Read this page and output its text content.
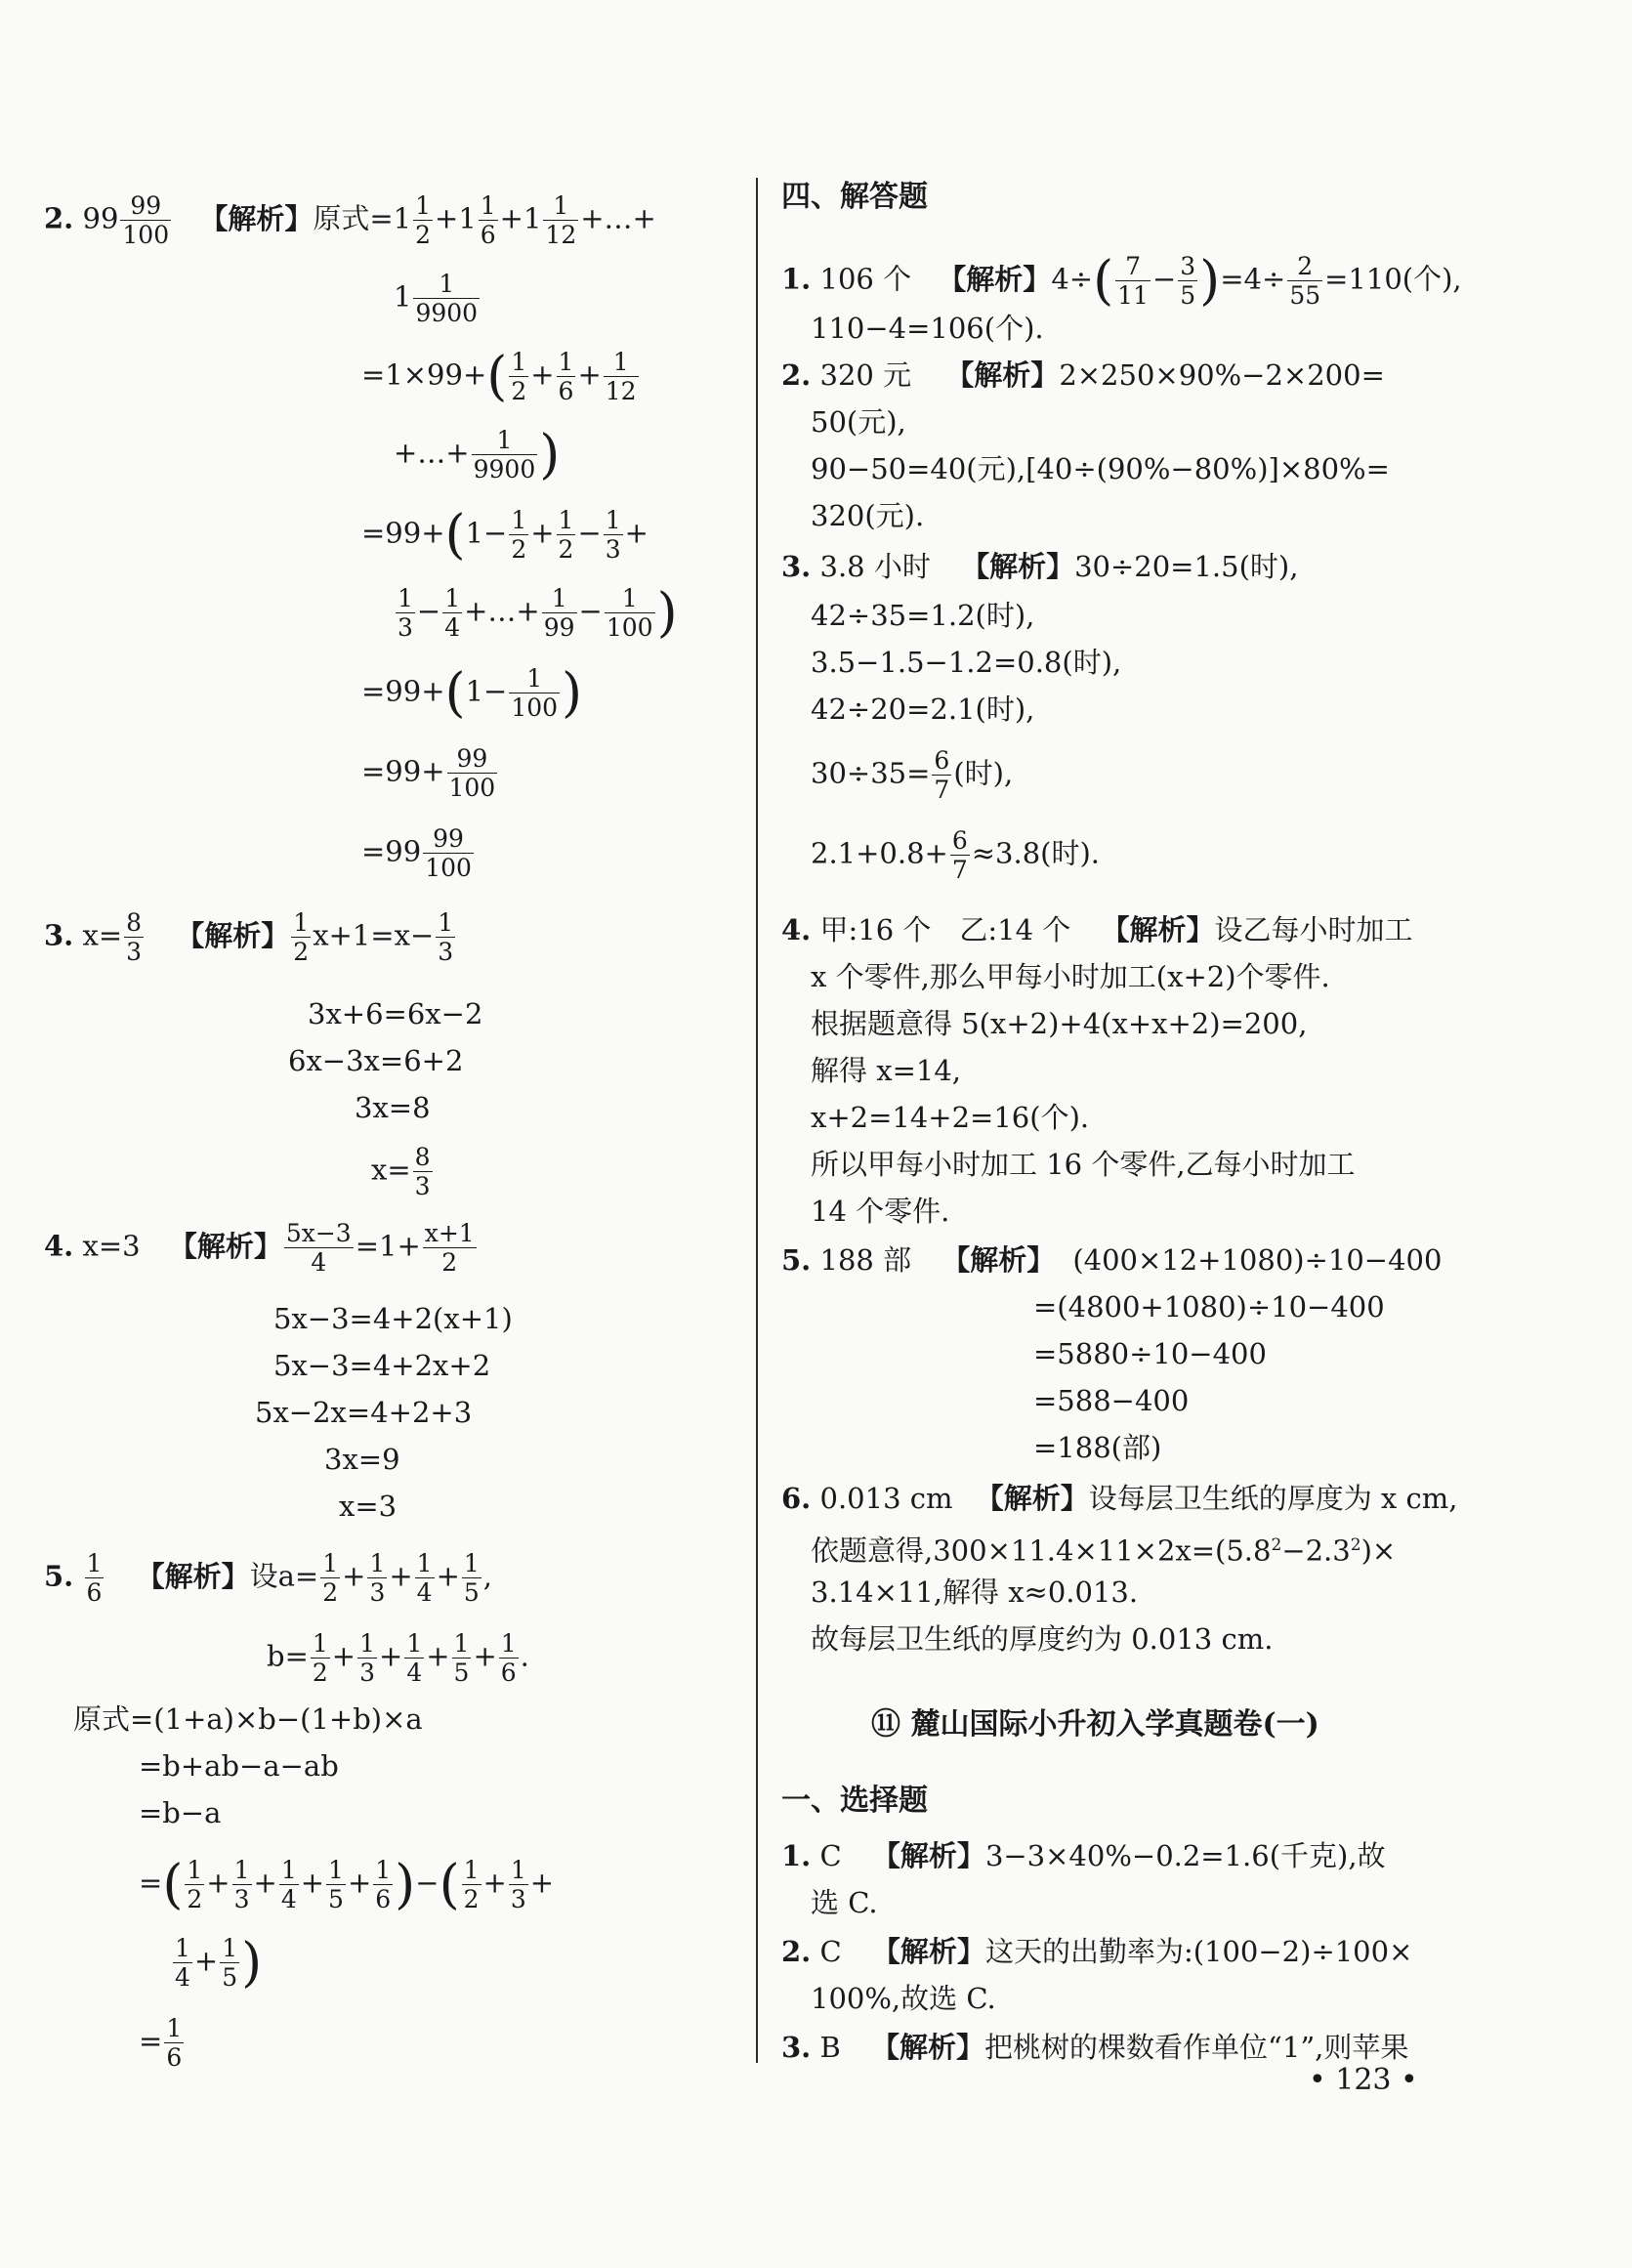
2. $99 \frac{99}{100}$ 【解析】原式$=1 \frac{1}{2} +1 \frac{1}{6} +1 \frac{1}{12}$ +…+
$1 \frac{1}{9900}$
$=1\times 99+( \frac{1}{2} + \frac{1}{6} + \frac{1}{12}$
+…+ $\frac{1}{9900}$ )
$=99+(1- \frac{1}{2} + \frac{1}{2} - \frac{1}{3}$ +
$\frac{1}{3} - \frac{1}{4}$ +…+ $\frac{1}{99} - \frac{1}{100}$ )
$=99+(1- \frac{1}{100}$ )
$=99+ \frac{99}{100}$
$=99 \frac{99}{100}$
3. $x= \frac{8}{3}$ 【解析】 $\frac{1}{2} x+1=x- \frac{1}{3}$
3x+6=6x−2
6x−3x=6+2
3x=8
$x= \frac{8}{3}$
4. x=3 【解析】 $\frac{5x-3}{4} =1+ \frac{x+1}{2}$
5x−3=4+2(x+1)
5x−3=4+2x+2
5x−2x=4+2+3
3x=9
x=3
5. $\frac{1}{6}$ 【解析】设$a= \frac{1}{2} + \frac{1}{3} + \frac{1}{4} + \frac{1}{5}$ ,
$b= \frac{1}{2} + \frac{1}{3} + \frac{1}{4} + \frac{1}{5} + \frac{1}{6}$ .
原式=(1+a)×b−(1+b)×a
=b+ab−a−ab
=b−a
=( $\frac{1}{2} + \frac{1}{3} + \frac{1}{4} + \frac{1}{5} + \frac{1}{6}$ )−( $\frac{1}{2} + \frac{1}{3}$ +
$\frac{1}{4} + \frac{1}{5}$ )
= $\frac{1}{6}$
四、解答题
1. 106 个 【解析】$4\div( \frac{7}{11} - \frac{3}{5} )=4\div \frac{2}{55} =110$(个),
110−4=106(个).
2. 320 元 【解析】2×250×90%−2×200=
50(元),
90−50=40(元),[40÷(90%−80%)]×80%=
320(元).
3. 3.8 小时 【解析】30÷20=1.5(时),
42÷35=1.2(时),
3.5−1.5−1.2=0.8(时),
42÷20=2.1(时),
$30\div 35= \frac{6}{7}$ (时),
$2.1+0.8+ \frac{6}{7} \approx 3.8$(时).
4. 甲:16 个　乙:14 个 【解析】设乙每小时加工
x 个零件,那么甲每小时加工(x+2)个零件.
根据题意得 5(x+2)+4(x+x+2)=200,
解得 x=14,
x+2=14+2=16(个).
所以甲每小时加工 16 个零件,乙每小时加工
14 个零件.
5. 188 部 【解析】 (400×12+1080)÷10−400
=(4800+1080)÷10−400
=5880÷10−400
=588−400
=188(部)
6. 0.013 cm 【解析】设每层卫生纸的厚度为 x cm,
依题意得$,300\times 11.4\times 11\times 2x=(5.8^2-2.3^2)\times$
3.14×11,解得 x≈0.013.
故每层卫生纸的厚度约为 0.013 cm.
⑪ 麓山国际小升初入学真题卷(一)
一、选择题
1. C 【解析】3−3×40%−0.2=1.6(千克),故
选 C.
2. C 【解析】这天的出勤率为:(100−2)÷100×
100%,故选 C.
3. B 【解析】把桃树的棵数看作单位“1”,则苹果
• 123 •
